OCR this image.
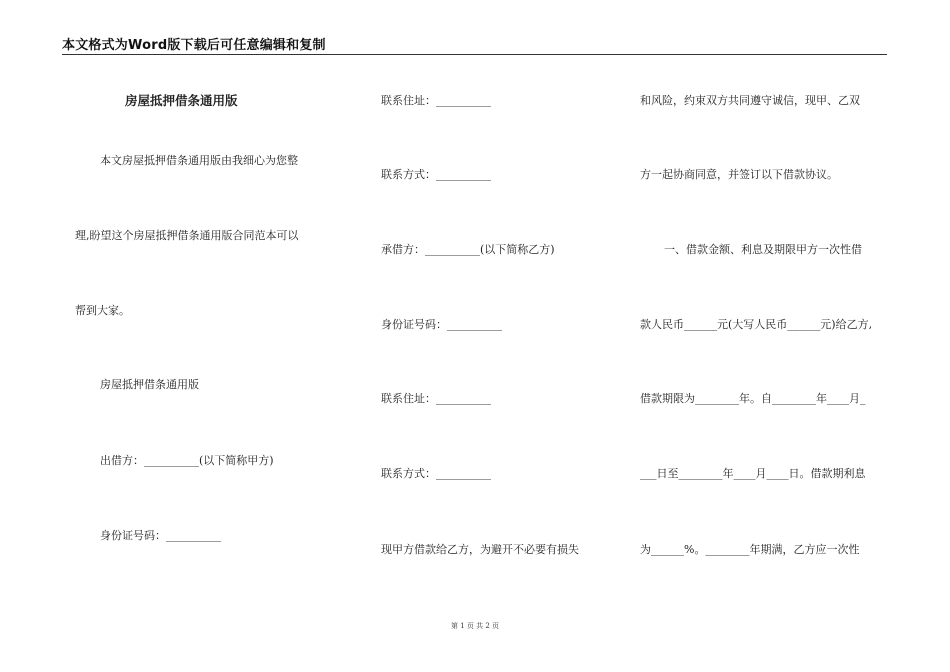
本文格式为Word版下载后可任意编辑和复制
房屋抵押借条通用版
本文房屋抵押借条通用版由我细心为您整
理,盼望这个房屋抵押借条通用版合同范本可以
帮到大家。
房屋抵押借条通用版
出借方：__________(以下简称甲方)
身份证号码：__________
联系住址：__________
联系方式：__________
承借方：__________(以下简称乙方)
身份证号码：__________
联系住址：__________
联系方式：__________
现甲方借款给乙方，为避开不必要有损失
和风险，约束双方共同遵守诚信，现甲、乙双
方一起协商同意，并签订以下借款协议。
一、借款金额、利息及期限甲方一次性借
款人民币______元(大写人民币______元)给乙方,
借款期限为________年。自________年____月_
___日至________年____月____日。借款期利息
为______%。________年期满，乙方应一次性
第 1 页 共 2 页
